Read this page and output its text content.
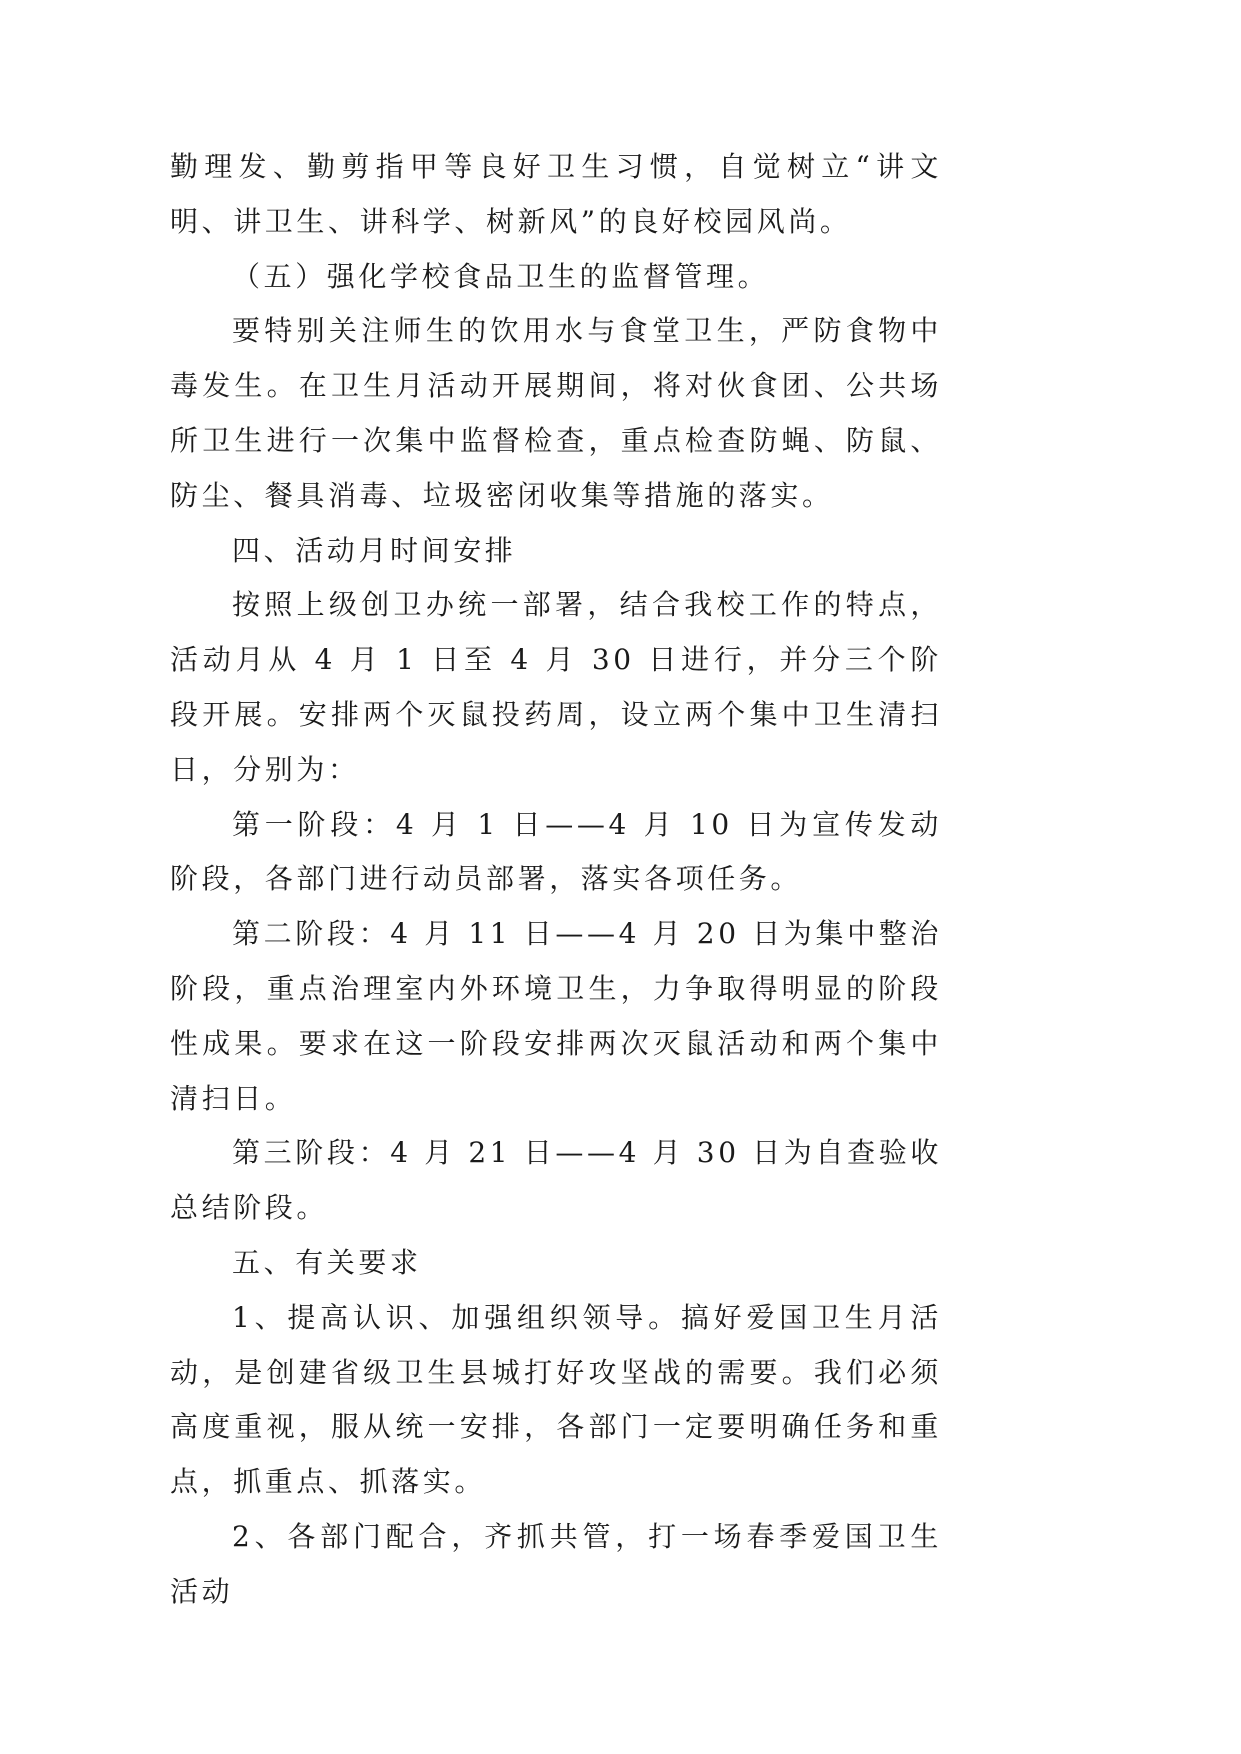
勤理发、勤剪指甲等良好卫生习惯，自觉树立“讲文明、讲卫生、讲科学、树新风”的良好校园风尚。

（五）强化学校食品卫生的监督管理。

要特别关注师生的饮用水与食堂卫生，严防食物中毒发生。在卫生月活动开展期间，将对伙食团、公共场所卫生进行一次集中监督检查，重点检查防蝇、防鼠、防尘、餐具消毒、垃圾密闭收集等措施的落实。

四、活动月时间安排

按照上级创卫办统一部署，结合我校工作的特点，活动月从 4 月 1 日至 4 月 30 日进行，并分三个阶段开展。安排两个灭鼠投药周，设立两个集中卫生清扫日，分别为：

第一阶段：4 月 1 日——4 月 10 日为宣传发动阶段，各部门进行动员部署，落实各项任务。

第二阶段：4 月 11 日——4 月 20 日为集中整治阶段，重点治理室内外环境卫生，力争取得明显的阶段性成果。要求在这一阶段安排两次灭鼠活动和两个集中清扫日。

第三阶段：4 月 21 日——4 月 30 日为自查验收总结阶段。

五、有关要求

1、提高认识、加强组织领导。搞好爱国卫生月活动，是创建省级卫生县城打好攻坚战的需要。我们必须高度重视，服从统一安排，各部门一定要明确任务和重点，抓重点、抓落实。

2、各部门配合，齐抓共管，打一场春季爱国卫生活动
